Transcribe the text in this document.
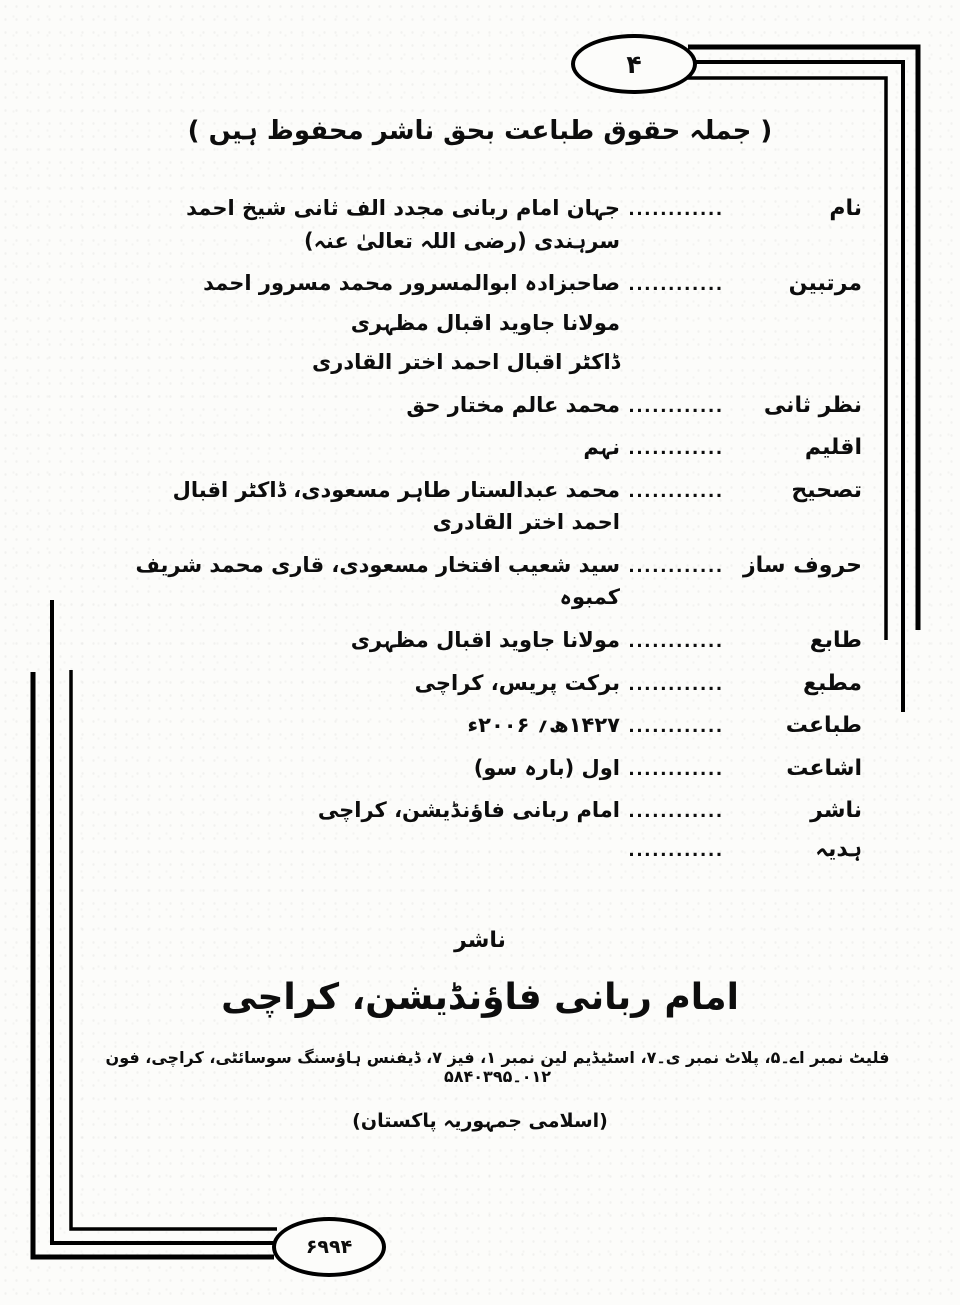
۴
۶۹۹۴
( جملہ حقوق طباعت بحق ناشر محفوظ ہیں )
نام
............
جہان امام ربانی مجدد الف ثانی شیخ احمد سرہندی (رضی اللہ تعالیٰ عنہ)
مرتبین
............
صاحبزادہ ابوالمسرور محمد مسرور احمد
مولانا جاوید اقبال مظہری
ڈاکٹر اقبال احمد اختر القادری
نظر ثانی
............
محمد عالم مختار حق
اقلیم
............
نہم
تصحیح
............
محمد عبدالستار طاہر مسعودی، ڈاکٹر اقبال احمد اختر القادری
حروف ساز
............
سید شعیب افتخار مسعودی، قاری محمد شریف کمبوہ
طابع
............
مولانا جاوید اقبال مظہری
مطبع
............
برکت پریس، کراچی
طباعت
............
۱۴۲۷ھ؍ ۲۰۰۶ء
اشاعت
............
اول (بارہ سو)
ناشر
............
امام ربانی فاؤنڈیشن، کراچی
ہدیہ
............
ناشر
امام ربانی فاؤنڈیشن، کراچی
فلیٹ نمبر اے۔۵، پلاٹ نمبر ی۔۷، اسٹیڈیم لین نمبر ۱، فیز ۷، ڈیفنس ہاؤسنگ سوسائٹی، کراچی، فون ۰۱۲۔۵۸۴۰۳۹۵
(اسلامی جمہوریہ پاکستان)
